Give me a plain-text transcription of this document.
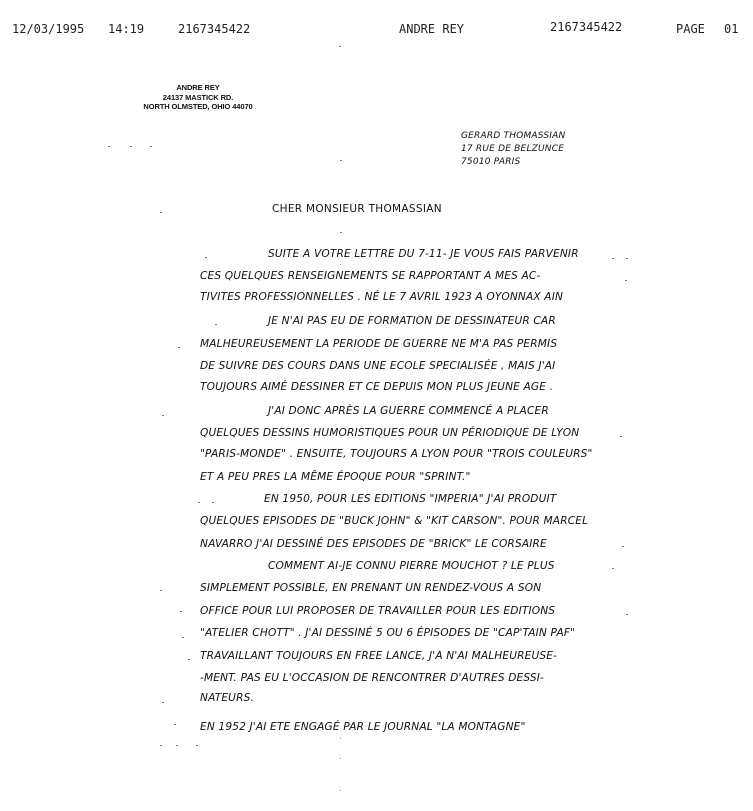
12/03/1995 14:19	2167345422	ANDRE REY	2167345422	PAGE 01
ANDRE REY
24137 MASTICK RD.
NORTH OLMSTED, OHIO 44070
GERARD THOMASSIAN
17 RUE DE BELZUNCE
75010 PARIS
CHER MONSIEUR THOMASSIAN
SUITE A VOTRE LETTRE DU 7-11- JE VOUS FAIS PARVENIR
CES QUELQUES RENSEIGNEMENTS SE RAPPORTANT A MES AC-
TIVITES PROFESSIONNELLES . NÉ LE 7 AVRIL 1923 A OYONNAX AIN
JE N'AI PAS EU DE FORMATION DE DESSINATEUR CAR
MALHEUREUSEMENT LA PERIODE DE GUERRE NE M'A PAS PERMIS
DE SUIVRE DES COURS DANS UNE ECOLE SPECIALISÉE , MAIS J'AI
TOUJOURS AIMÉ DESSINER ET CE DEPUIS MON PLUS JEUNE AGE .
J'AI DONC APRÈS LA GUERRE COMMENCÉ A PLACER
QUELQUES DESSINS HUMORISTIQUES POUR UN PÉRIODIQUE DE LYON
"PARIS-MONDE" . ENSUITE, TOUJOURS A LYON POUR "TROIS COULEURS"
ET A PEU PRES LA MÊME ÉPOQUE POUR "SPRINT."
EN 1950, POUR LES EDITIONS "IMPERIA" J'AI PRODUIT
QUELQUES EPISODES DE "BUCK JOHN" & "KIT CARSON". POUR MARCEL
NAVARRO J'AI DESSINÉ DES EPISODES DE "BRICK" LE CORSAIRE
COMMENT AI-JE CONNU PIERRE MOUCHOT ? LE PLUS
SIMPLEMENT POSSIBLE, EN PRENANT UN RENDEZ-VOUS A SON
OFFICE POUR LUI PROPOSER DE TRAVAILLER POUR LES EDITIONS
"ATELIER CHOTT" . J'AI DESSINÉ 5 OU 6 ÉPISODES DE "CAP'TAIN PAF"
TRAVAILLANT TOUJOURS EN FREE LANCE, J'A N'AI MALHEUREUSE-
-MENT. PAS EU L'OCCASION DE RENCONTRER D'AUTRES DESSI-
NATEURS.
EN 1952 J'AI ETE ENGAGÉ PAR LE JOURNAL "LA MONTAGNE"
